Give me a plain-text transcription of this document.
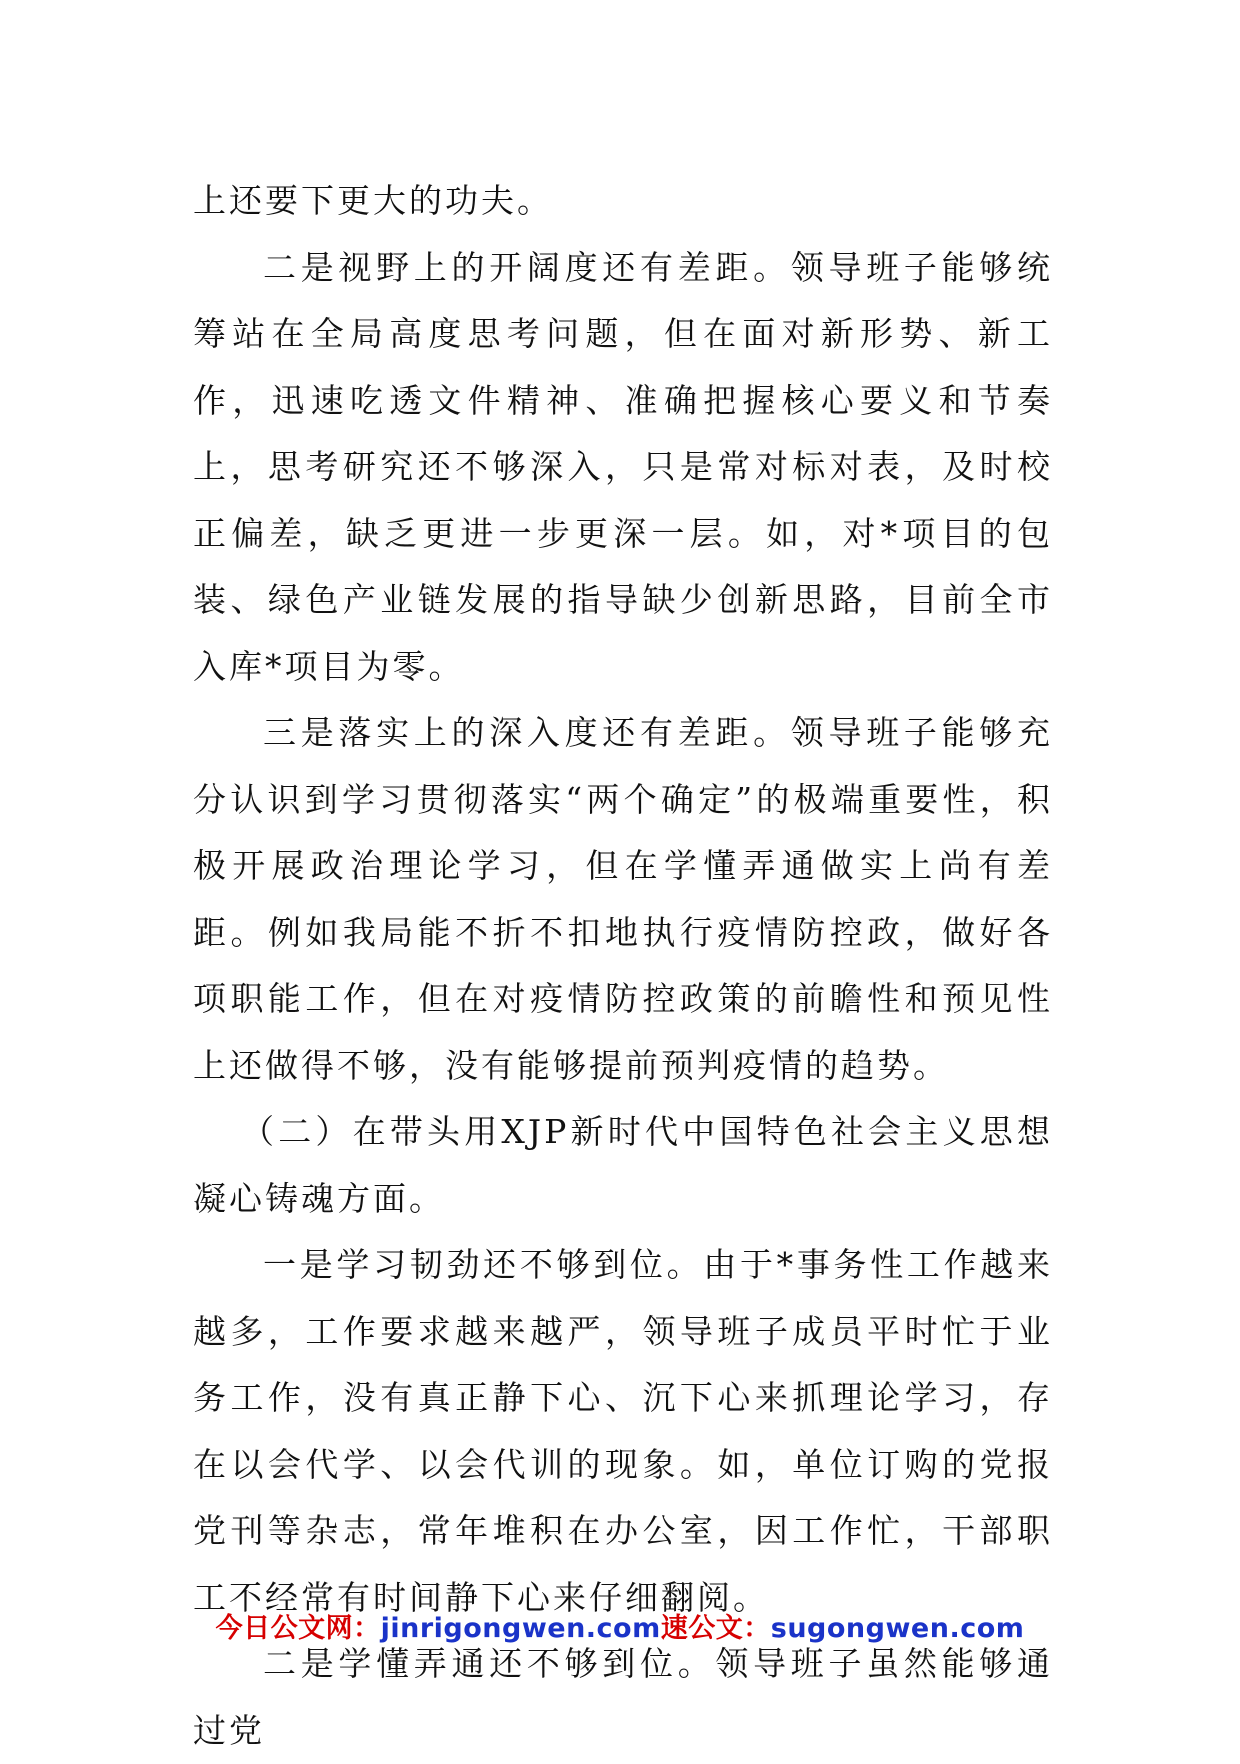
上还要下更大的功夫。

二是视野上的开阔度还有差距。领导班子能够统筹站在全局高度思考问题，但在面对新形势、新工作，迅速吃透文件精神、准确把握核心要义和节奏上，思考研究还不够深入，只是常对标对表，及时校正偏差，缺乏更进一步更深一层。如，对*项目的包装、绿色产业链发展的指导缺少创新思路，目前全市入库*项目为零。

三是落实上的深入度还有差距。领导班子能够充分认识到学习贯彻落实“两个确定”的极端重要性，积极开展政治理论学习，但在学懂弄通做实上尚有差距。例如我局能不折不扣地执行疫情防控政，做好各项职能工作，但在对疫情防控政策的前瞻性和预见性上还做得不够，没有能够提前预判疫情的趋势。

（二）在带头用XJP新时代中国特色社会主义思想凝心铸魂方面。

一是学习韧劲还不够到位。由于*事务性工作越来越多，工作要求越来越严，领导班子成员平时忙于业务工作，没有真正静下心、沉下心来抓理论学习，存在以会代学、以会代训的现象。如，单位订购的党报党刊等杂志，常年堆积在办公室，因工作忙，干部职工不经常有时间静下心来仔细翻阅。

二是学懂弄通还不够到位。领导班子虽然能够通过党

今日公文网：jinrigongwen.com速公文：sugongwen.com
